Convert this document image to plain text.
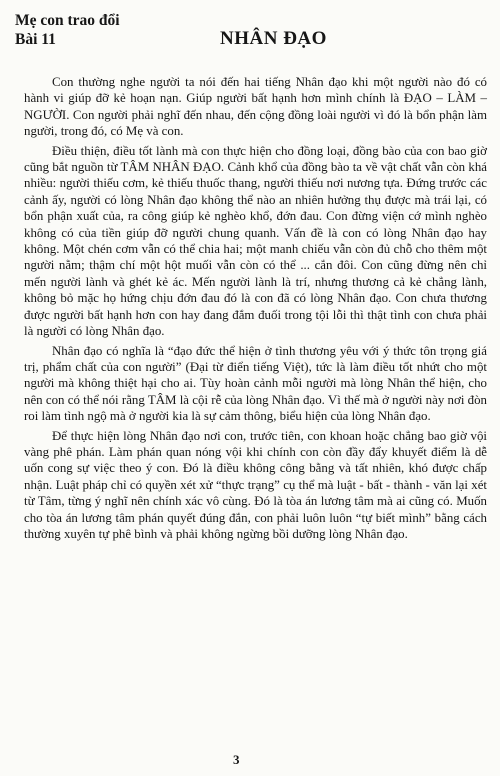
Mẹ con trao đổi
Bài 11	NHÂN ĐẠO

Con thường nghe người ta nói đến hai tiếng Nhân đạo khi một người nào đó có hành vi giúp đỡ kẻ hoạn nạn. Giúp người bất hạnh hơn mình chính là ĐẠO – LÀM – NGƯỜI. Con người phải nghĩ đến nhau, đến cộng đồng loài người vì đó là bổn phận làm người, trong đó, có Mẹ và con.

Điều thiện, điều tốt lành mà con thực hiện cho đồng loại, đồng bào của con bao giờ cũng bắt nguồn từ TÂM NHÂN ĐẠO. Cảnh khổ của đồng bào ta về vật chất vẫn còn khá nhiều: người thiếu cơm, kẻ thiếu thuốc thang, người thiếu nơi nương tựa. Đứng trước các cảnh ấy, người có lòng Nhân đạo không thể nào an nhiên hưởng thụ được mà trái lại, có bổn phận xuất của, ra công giúp kẻ nghèo khổ, đớn đau. Con đừng viện cớ mình nghèo không có của tiền giúp đỡ người chung quanh. Vấn đề là con có lòng Nhân đạo hay không. Một chén cơm vẫn có thể chia hai; một manh chiếu vẫn còn đủ chỗ cho thêm một người nằm; thậm chí một hột muối vẫn còn có thể ... cắn đôi. Con cũng đừng nên chỉ mến người lành và ghét kẻ ác. Mến người lành là trí, nhưng thương cả kẻ chẳng lành, không bỏ mặc họ hứng chịu đớn đau đó là con đã có lòng Nhân đạo. Con chưa thương được người bất hạnh hơn con hay đang đắm đuối trong tội lỗi thì thật tình con chưa phải là người có lòng Nhân đạo.

Nhân đạo có nghĩa là “đạo đức thể hiện ở tình thương yêu với ý thức tôn trọng giá trị, phẩm chất của con người” (Đại từ điển tiếng Việt), tức là làm điều tốt nhứt cho một người mà không thiệt hại cho ai. Tùy hoàn cảnh mỗi người mà lòng Nhân thể hiện, cho nên con có thể nói rằng TÂM là cội rễ của lòng Nhân đạo. Vì thế mà ở người này nơi đòn roi làm tình ngộ mà ở người kia là sự cảm thông, biểu hiện của lòng Nhân đạo.

Để thực hiện lòng Nhân đạo nơi con, trước tiên, con khoan hoặc chẳng bao giờ vội vàng phê phán. Làm phán quan nóng vội khi chính con còn đầy đẩy khuyết điểm là dễ uốn cong sự việc theo ý con. Đó là điều không công bằng và tất nhiên, khó được chấp nhận. Luật pháp chỉ có quyền xét xử “thực trạng” cụ thể mà luật - bất - thành - văn lại xét từ Tâm, từng ý nghĩ nên chính xác vô cùng. Đó là tòa án lương tâm mà ai cũng có. Muốn cho tòa án lương tâm phán quyết đúng đắn, con phải luôn luôn “tự biết mình” bằng cách thường xuyên tự phê bình và phải không ngừng bồi dưỡng lòng Nhân đạo.

3
